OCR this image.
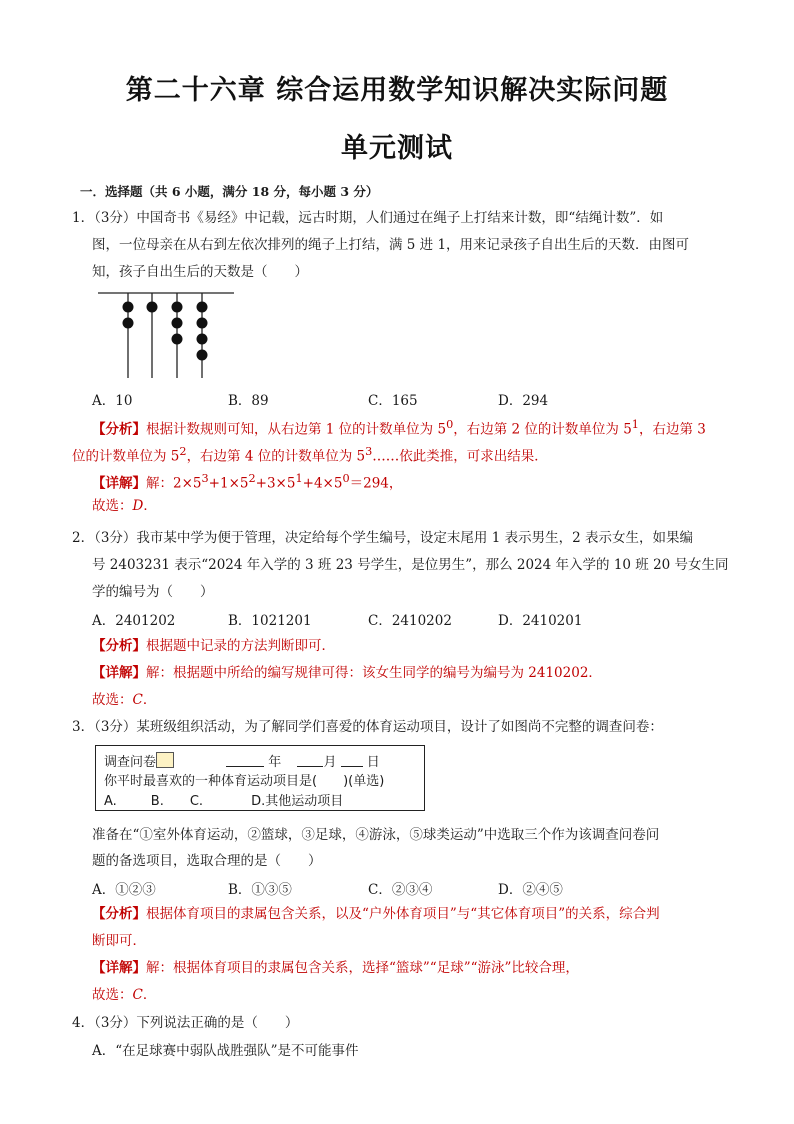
第二十六章 综合运用数学知识解决实际问题
单元测试
一．选择题（共 6 小题，满分 18 分，每小题 3 分）
1．（3分）中国奇书《易经》中记载，远古时期，人们通过在绳子上打结来计数，即“结绳计数”．如
图，一位母亲在从右到左依次排列的绳子上打结，满 5 进 1，用来记录孩子自出生后的天数．由图可
知，孩子自出生后的天数是（　　）
A．10	B．89	C．165	D．294
【分析】根据计数规则可知，从右边第 1 位的计数单位为 $5^0$，右边第 2 位的计数单位为 $5^1$，右边第 3
位的计数单位为 $5^2$，右边第 4 位的计数单位为 $5^3\dots\dots$依此类推，可求出结果．
【详解】解：$2\times 5^3+1\times 5^2+3\times 5^1+4\times 5^0=294$，
故选：D．
2．（3分）我市某中学为便于管理，决定给每个学生编号，设定末尾用 1 表示男生，2 表示女生，如果编
号 2403231 表示“2024 年入学的 3 班 23 号学生，是位男生”，那么 2024 年入学的 10 班 20 号女生同
学的编号为（　　）
A．2401202	B．1021201	C．2410202	D．2410201
【分析】根据题中记录的方法判断即可．
【详解】解：根据题中所给的编写规律可得：该女生同学的编号为编号为 2410202．
故选：C．
3．（3分）某班级组织活动，为了解同学们喜爱的体育运动项目，设计了如图尚不完整的调查问卷：
调查问卷	年	月 日
你平时最喜欢的一种体育运动项目是(　　)(单选)
A.	B. C.	D.其他运动项目
准备在“①室外体育运动，②篮球，③足球，④游泳，⑤球类运动”中选取三个作为该调查问卷问
题的备选项目，选取合理的是（　　）
A．①②③	B．①③⑤	C．②③④	D．②④⑤
【分析】根据体育项目的隶属包含关系，以及“户外体育项目”与“其它体育项目”的关系，综合判
断即可．
【详解】解：根据体育项目的隶属包含关系，选择“篮球”“足球”“游泳”比较合理，
故选：C．
4．（3分）下列说法正确的是（　　）
A．“在足球赛中弱队战胜强队”是不可能事件
